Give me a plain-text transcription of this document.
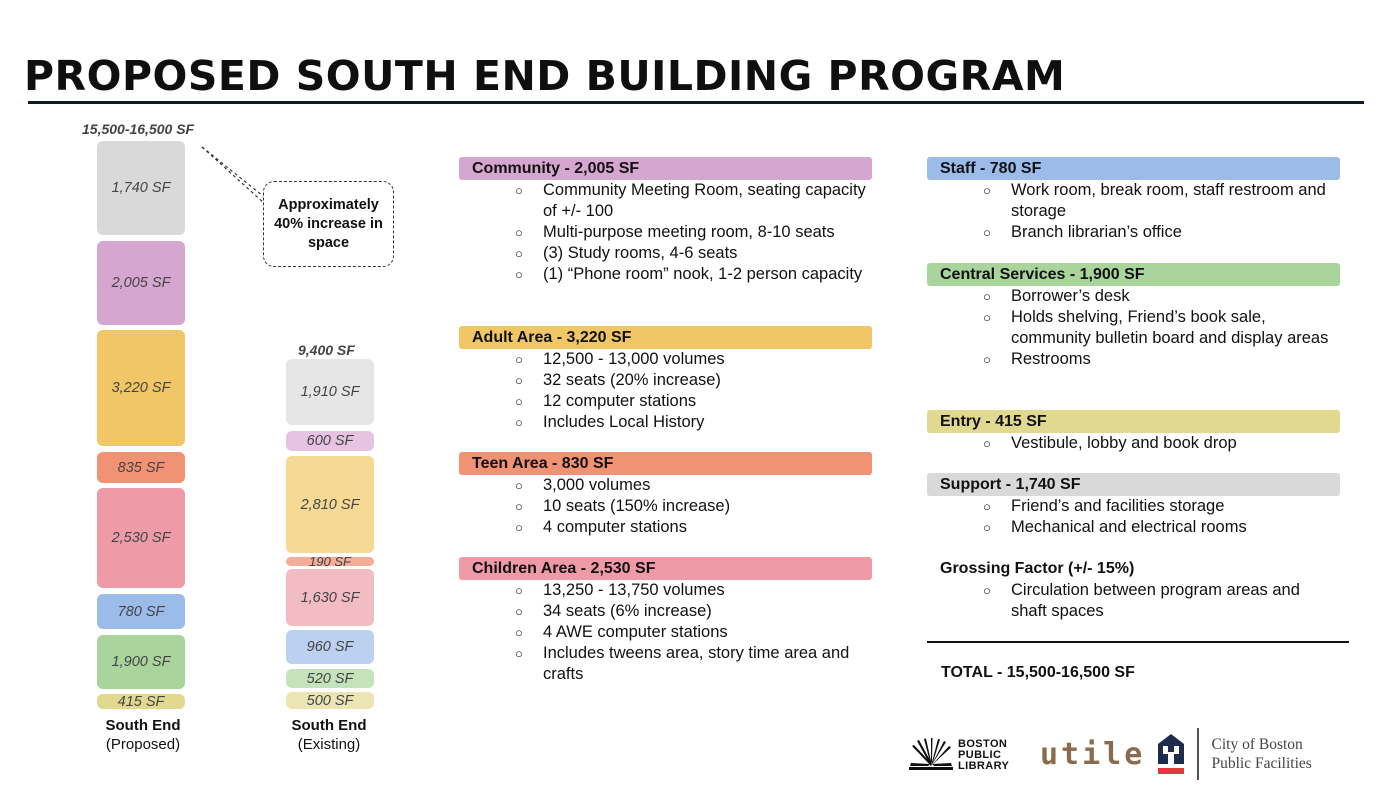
PROPOSED SOUTH END BUILDING PROGRAM
15,500-16,500 SF
1,740 SF
2,005 SF
3,220 SF
835 SF
2,530 SF
780 SF
1,900 SF
415 SF
South End
(Proposed)
9,400 SF
1,910 SF
600 SF
2,810 SF
190 SF
1,630 SF
960 SF
520 SF
500 SF
South End
(Existing)
Approximately 40% increase in space
Community - 2,005 SF
○ Community Meeting Room, seating capacity of +/- 100
○ Multi-purpose meeting room, 8-10 seats
○ (3) Study rooms, 4-6 seats
○ (1) “Phone room” nook, 1-2 person capacity
Adult Area - 3,220 SF
○ 12,500 - 13,000 volumes
○ 32 seats (20% increase)
○ 12 computer stations
○ Includes Local History
Teen Area - 830 SF
○ 3,000 volumes
○ 10 seats (150% increase)
○ 4 computer stations
Children Area - 2,530 SF
○ 13,250 - 13,750 volumes
○ 34 seats (6% increase)
○ 4 AWE computer stations
○ Includes tweens area, story time area and crafts
Staff - 780 SF
○ Work room, break room, staff restroom and storage
○ Branch librarian’s office
Central Services - 1,900 SF
○ Borrower’s desk
○ Holds shelving, Friend’s book sale, community bulletin board and display areas
○ Restrooms
Entry - 415 SF
○ Vestibule, lobby and book drop
Support - 1,740 SF
○ Friend’s and facilities storage
○ Mechanical and electrical rooms
Grossing Factor (+/- 15%)
○ Circulation between program areas and shaft spaces
TOTAL - 15,500-16,500 SF
BOSTON
PUBLIC
LIBRARY utile	City of Boston
Public Facilities
